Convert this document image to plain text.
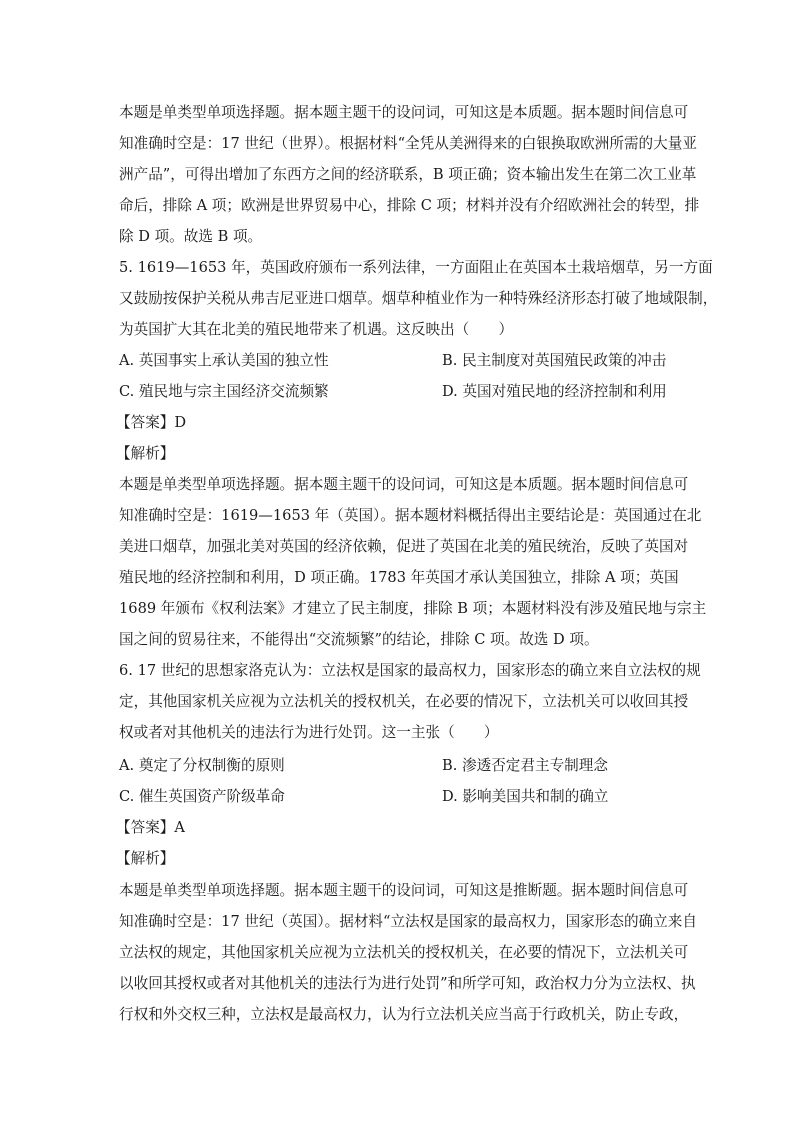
本题是单类型单项选择题。据本题主题干的设问词，可知这是本质题。据本题时间信息可
知准确时空是：17 世纪（世界）。根据材料“全凭从美洲得来的白银换取欧洲所需的大量亚
洲产品”，可得出增加了东西方之间的经济联系，B 项正确；资本输出发生在第二次工业革
命后，排除 A 项；欧洲是世界贸易中心，排除 C 项；材料并没有介绍欧洲社会的转型，排
除 D 项。故选 B 项。
5. 1619—1653 年，英国政府颁布一系列法律，一方面阻止在英国本土栽培烟草，另一方面
又鼓励按保护关税从弗吉尼亚进口烟草。烟草种植业作为一种特殊经济形态打破了地域限制，
为英国扩大其在北美的殖民地带来了机遇。这反映出（　　）
A. 英国事实上承认美国的独立性	B. 民主制度对英国殖民政策的冲击
C. 殖民地与宗主国经济交流频繁	D. 英国对殖民地的经济控制和利用
【答案】D
【解析】
本题是单类型单项选择题。据本题主题干的设问词，可知这是本质题。据本题时间信息可
知准确时空是：1619—1653 年（英国）。据本题材料概括得出主要结论是：英国通过在北
美进口烟草，加强北美对英国的经济依赖，促进了英国在北美的殖民统治，反映了英国对
殖民地的经济控制和利用，D 项正确。1783 年英国才承认美国独立，排除 A 项；英国
1689 年颁布《权利法案》才建立了民主制度，排除 B 项；本题材料没有涉及殖民地与宗主
国之间的贸易往来，不能得出“交流频繁”的结论，排除 C 项。故选 D 项。
6. 17 世纪的思想家洛克认为：立法权是国家的最高权力，国家形态的确立来自立法权的规
定，其他国家机关应视为立法机关的授权机关，在必要的情况下，立法机关可以收回其授
权或者对其他机关的违法行为进行处罚。这一主张（　　）
A. 奠定了分权制衡的原则	B. 渗透否定君主专制理念
C. 催生英国资产阶级革命	D. 影响美国共和制的确立
【答案】A
【解析】
本题是单类型单项选择题。据本题主题干的设问词，可知这是推断题。据本题时间信息可
知准确时空是：17 世纪（英国）。据材料“立法权是国家的最高权力，国家形态的确立来自
立法权的规定，其他国家机关应视为立法机关的授权机关，在必要的情况下，立法机关可
以收回其授权或者对其他机关的违法行为进行处罚”和所学可知，政治权力分为立法权、执
行权和外交权三种，立法权是最高权力，认为行立法机关应当高于行政机关，防止专政，
